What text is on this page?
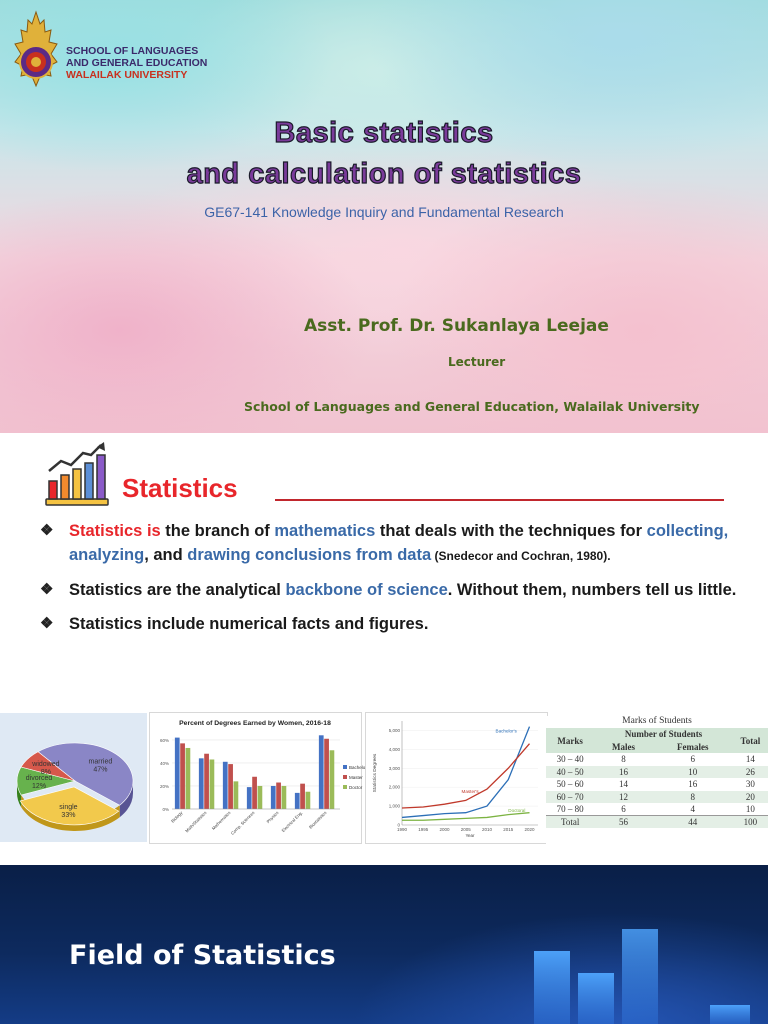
SCHOOL OF LANGUAGES
AND GENERAL EDUCATION
WALAILAK UNIVERSITY
Basic statistics
and calculation of statistics
GE67-141 Knowledge Inquiry and Fundamental Research
Asst. Prof. Dr. Sukanlaya Leejae
Lecturer
School of Languages and General Education, Walailak University
Statistics
❖ Statistics is the branch of mathematics that deals with the techniques for collecting, analyzing, and drawing conclusions from data (Snedecor and Cochran, 1980).
❖ Statistics are the analytical backbone of science. Without them, numbers tell us little.
❖ Statistics include numerical facts and figures.
married
47%
single
33%
divorced
12%
widowed
8%
Percent of Degrees Earned by Women, 2016-18
0%
20%
40%
60%
Biology Math/Statistics Mathematics
Comp. Sciences Physics Electrical Eng. Biostatistics
Bachelo
Master
Doctor
0
1,000
2,000
3,000
4,000
5,000
1990 1995 2000 2005 2010 2015 2020
Year
Statistics Degrees
Bachelor's
Master's
Doctoral
Marks of Students
Marks	Number of Students		Total
	Males	Females	
30 – 40	8	6	14
40 – 50	16	10	26
50 – 60	14	16	30
60 – 70	12	8	20
70 – 80	6	4	10
Total	56	44	100
Field of Statistics
